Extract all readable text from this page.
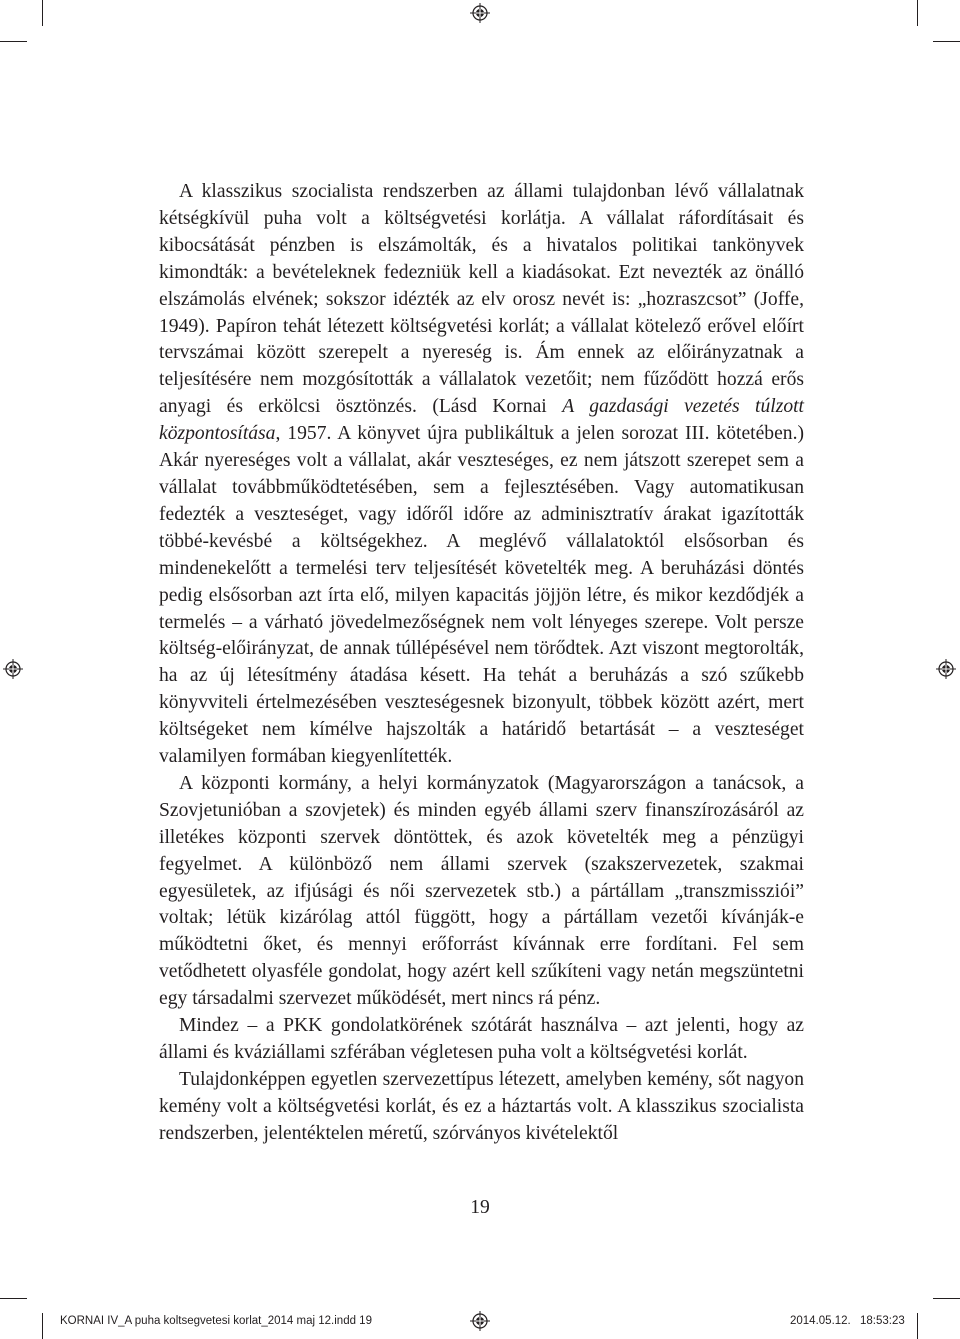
A klasszikus szocialista rendszerben az állami tulajdonban lévő vállalatnak kétségkívül puha volt a költségvetési korlátja. A vállalat ráfordításait és kibocsátását pénzben is elszámolták, és a hivatalos politikai tankönyvek kimondták: a bevételeknek fedezniük kell a kiadásokat. Ezt nevezték az önálló elszámolás elvének; sokszor idézték az elv orosz nevét is: „hozraszcsot” (Joffe, 1949). Papíron tehát létezett költségvetési korlát; a vállalat kötelező erővel előírt tervszámai között szerepelt a nyereség is. Ám ennek az előirányzatnak a teljesítésére nem mozgósították a vállalatok vezetőit; nem fűződött hozzá erős anyagi és erkölcsi ösztönzés. (Lásd Kornai A gazdasági vezetés túlzott központosítása, 1957. A könyvet újra publikáltuk a jelen sorozat III. kötetében.) Akár nyereséges volt a vállalat, akár veszteséges, ez nem játszott szerepet sem a vállalat továbbműködtetésében, sem a fejlesztésében. Vagy automatikusan fedezték a veszteséget, vagy időről időre az adminisztratív árakat igazították többé-kevésbé a költségekhez. A meglévő vállalatoktól elsősorban és mindenekelőtt a termelési terv teljesítését követelték meg. A beruházási döntés pedig elsősorban azt írta elő, milyen kapacitás jöjjön létre, és mikor kezdődjék a termelés – a várható jövedelmezőségnek nem volt lényeges szerepe. Volt persze költség-előirányzat, de annak túllépésével nem törődtek. Azt viszont megtorolták, ha az új létesítmény átadása késett. Ha tehát a beruházás a szó szűkebb könyvviteli értelmezésében veszteségesnek bizonyult, többek között azért, mert költségeket nem kímélve hajszolták a határidő betartását – a veszteséget valamilyen formában kiegyenlítették.

A központi kormány, a helyi kormányzatok (Magyarországon a tanácsok, a Szovjetunióban a szovjetek) és minden egyéb állami szerv finanszírozásáról az illetékes központi szervek döntöttek, és azok követelték meg a pénzügyi fegyelmet. A különböző nem állami szervek (szakszervezetek, szakmai egyesületek, az ifjúsági és női szervezetek stb.) a pártállam „transzmissziói” voltak; létük kizárólag attól függött, hogy a pártállam vezetői kívánják-e működtetni őket, és mennyi erőforrást kívánnak erre fordítani. Fel sem vetődhetett olyasféle gondolat, hogy azért kell szűkíteni vagy netán megszüntetni egy társadalmi szervezet működését, mert nincs rá pénz.

Mindez – a PKK gondolatkörének szótárát használva – azt jelenti, hogy az állami és kváziállami szférában végletesen puha volt a költségvetési korlát.

Tulajdonképpen egyetlen szervezettípus létezett, amelyben kemény, sőt nagyon kemény volt a költségvetési korlát, és ez a háztartás volt. A klasszikus szocialista rendszerben, jelentéktelen méretű, szórványos kivételektől

19
KORNAI IV_A puha koltsegvetesi korlat_2014 maj 12.indd 19	2014.05.12. 18:53:23
